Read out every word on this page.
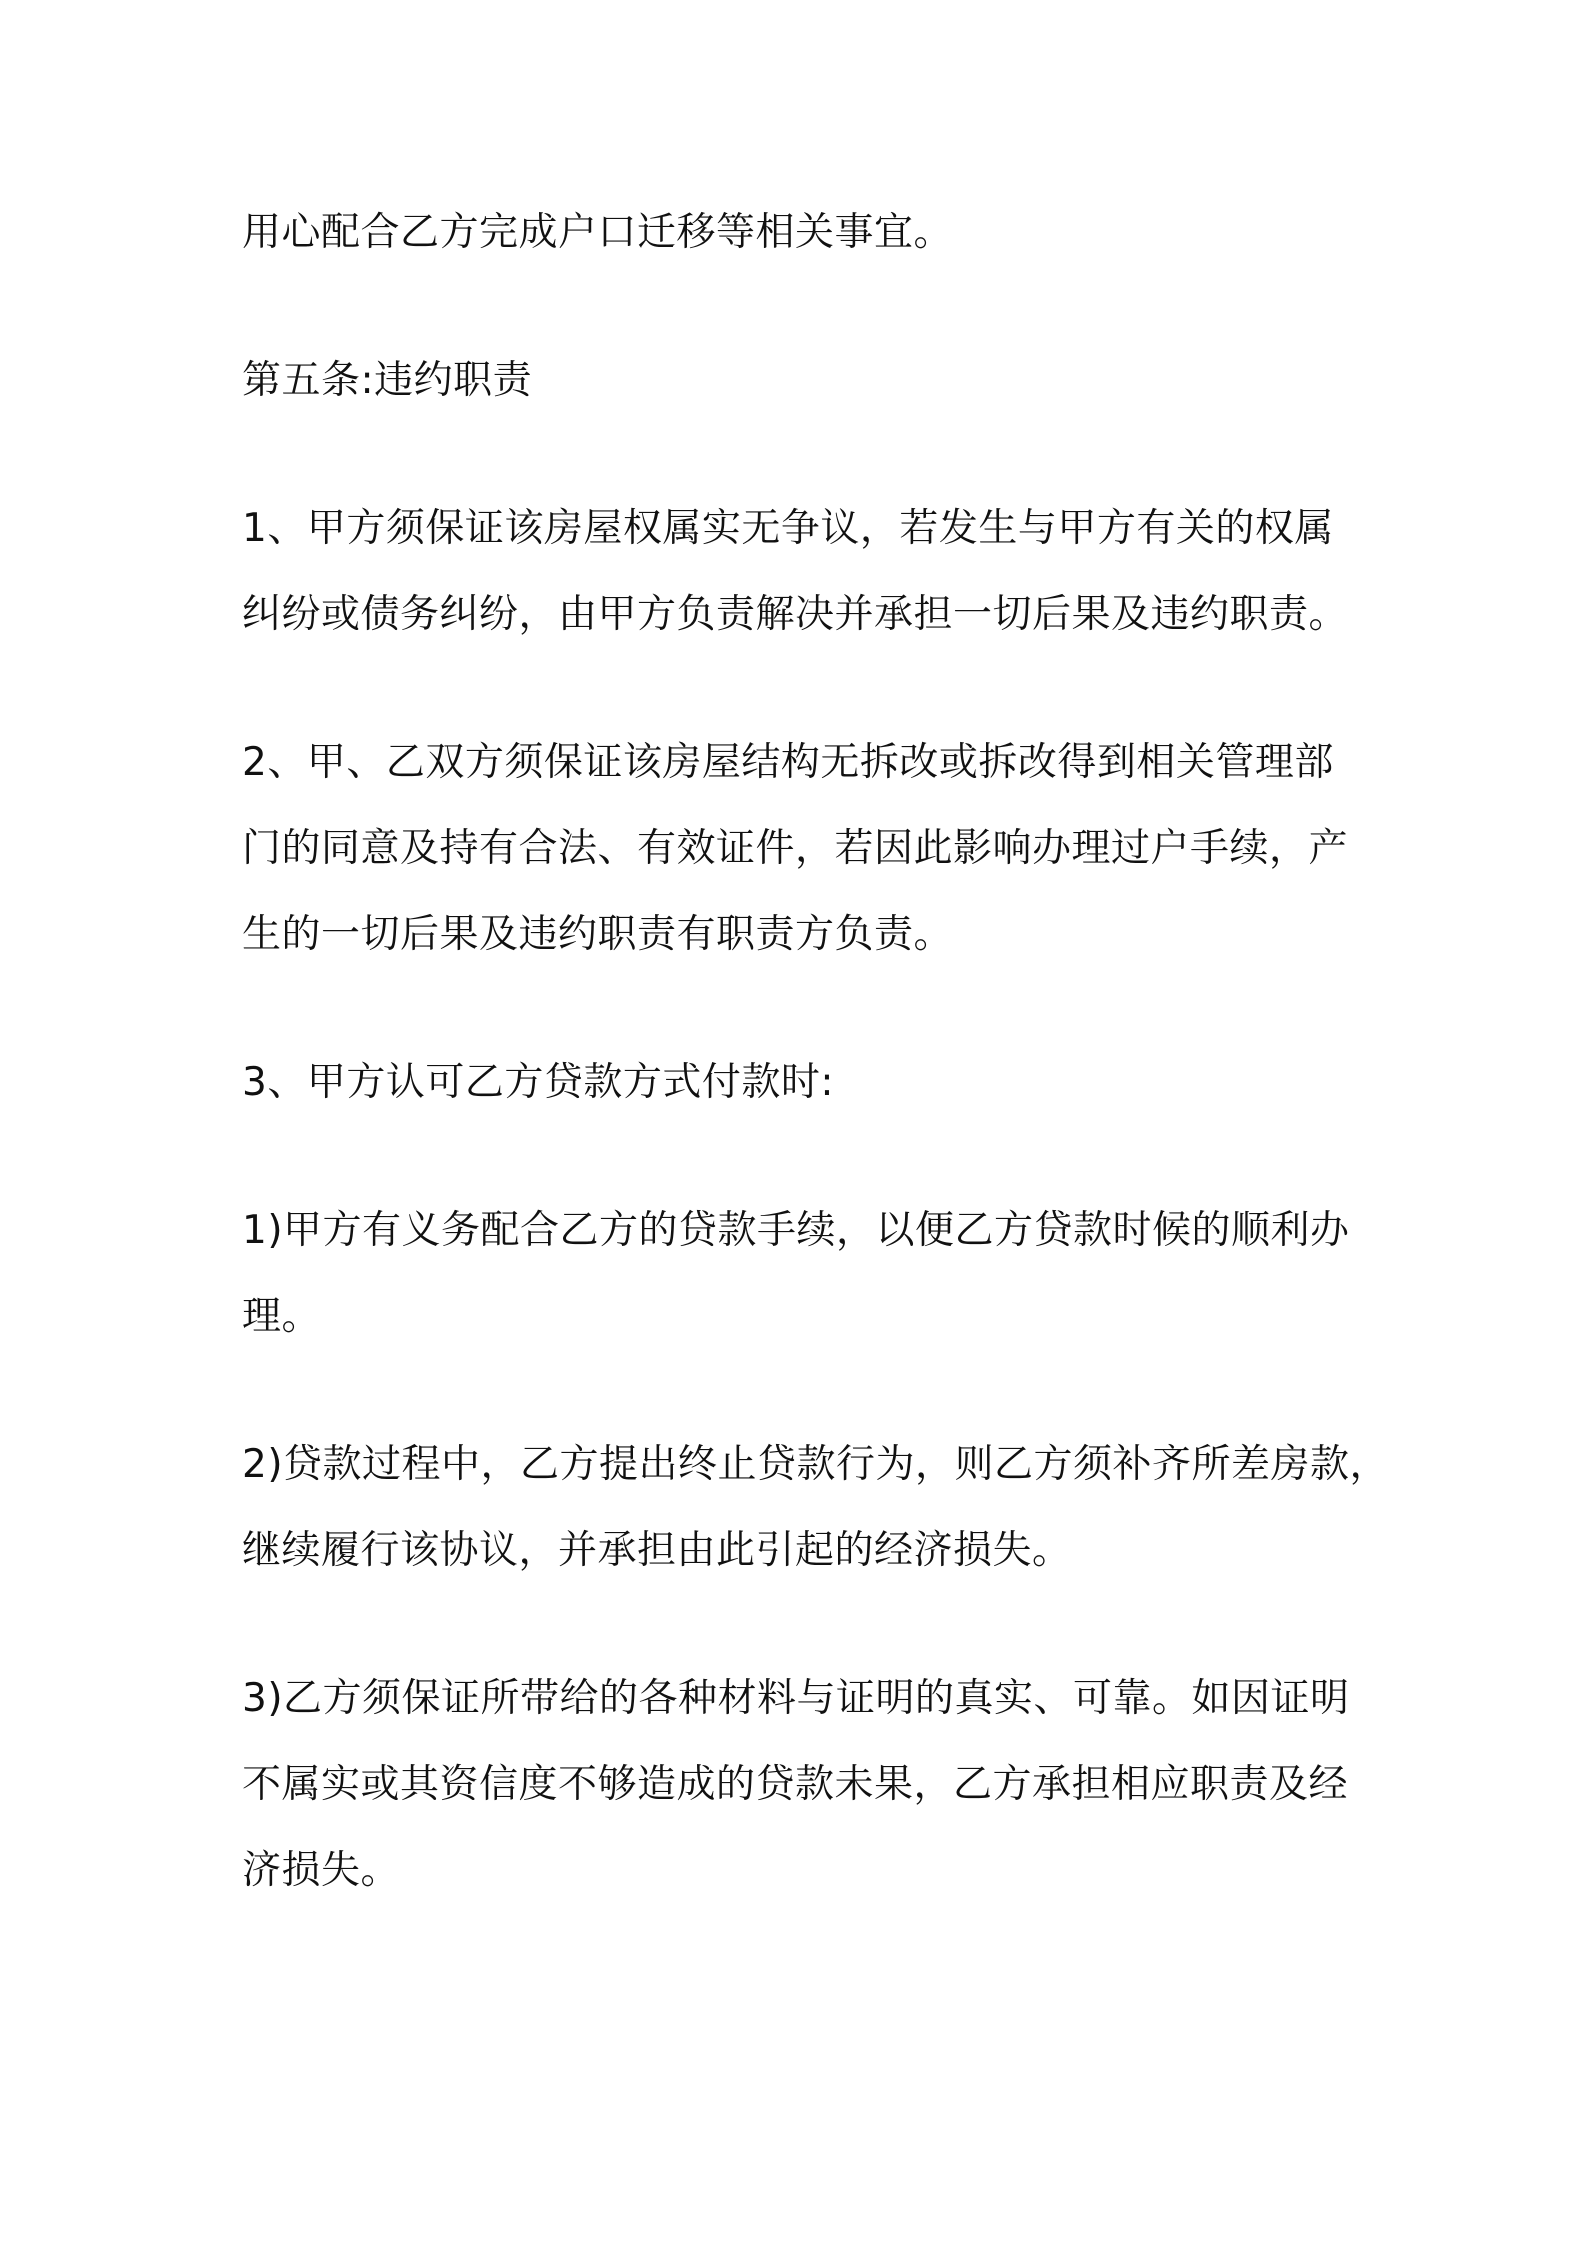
用心配合乙方完成户口迁移等相关事宜。

第五条:违约职责

1、甲方须保证该房屋权属实无争议，若发生与甲方有关的权属
纠纷或债务纠纷，由甲方负责解决并承担一切后果及违约职责。

2、甲、乙双方须保证该房屋结构无拆改或拆改得到相关管理部
门的同意及持有合法、有效证件，若因此影响办理过户手续，产
生的一切后果及违约职责有职责方负责。

3、甲方认可乙方贷款方式付款时:

1)甲方有义务配合乙方的贷款手续，以便乙方贷款时候的顺利办
理。

2)贷款过程中，乙方提出终止贷款行为，则乙方须补齐所差房款，
继续履行该协议，并承担由此引起的经济损失。

3)乙方须保证所带给的各种材料与证明的真实、可靠。如因证明
不属实或其资信度不够造成的贷款未果，乙方承担相应职责及经
济损失。
